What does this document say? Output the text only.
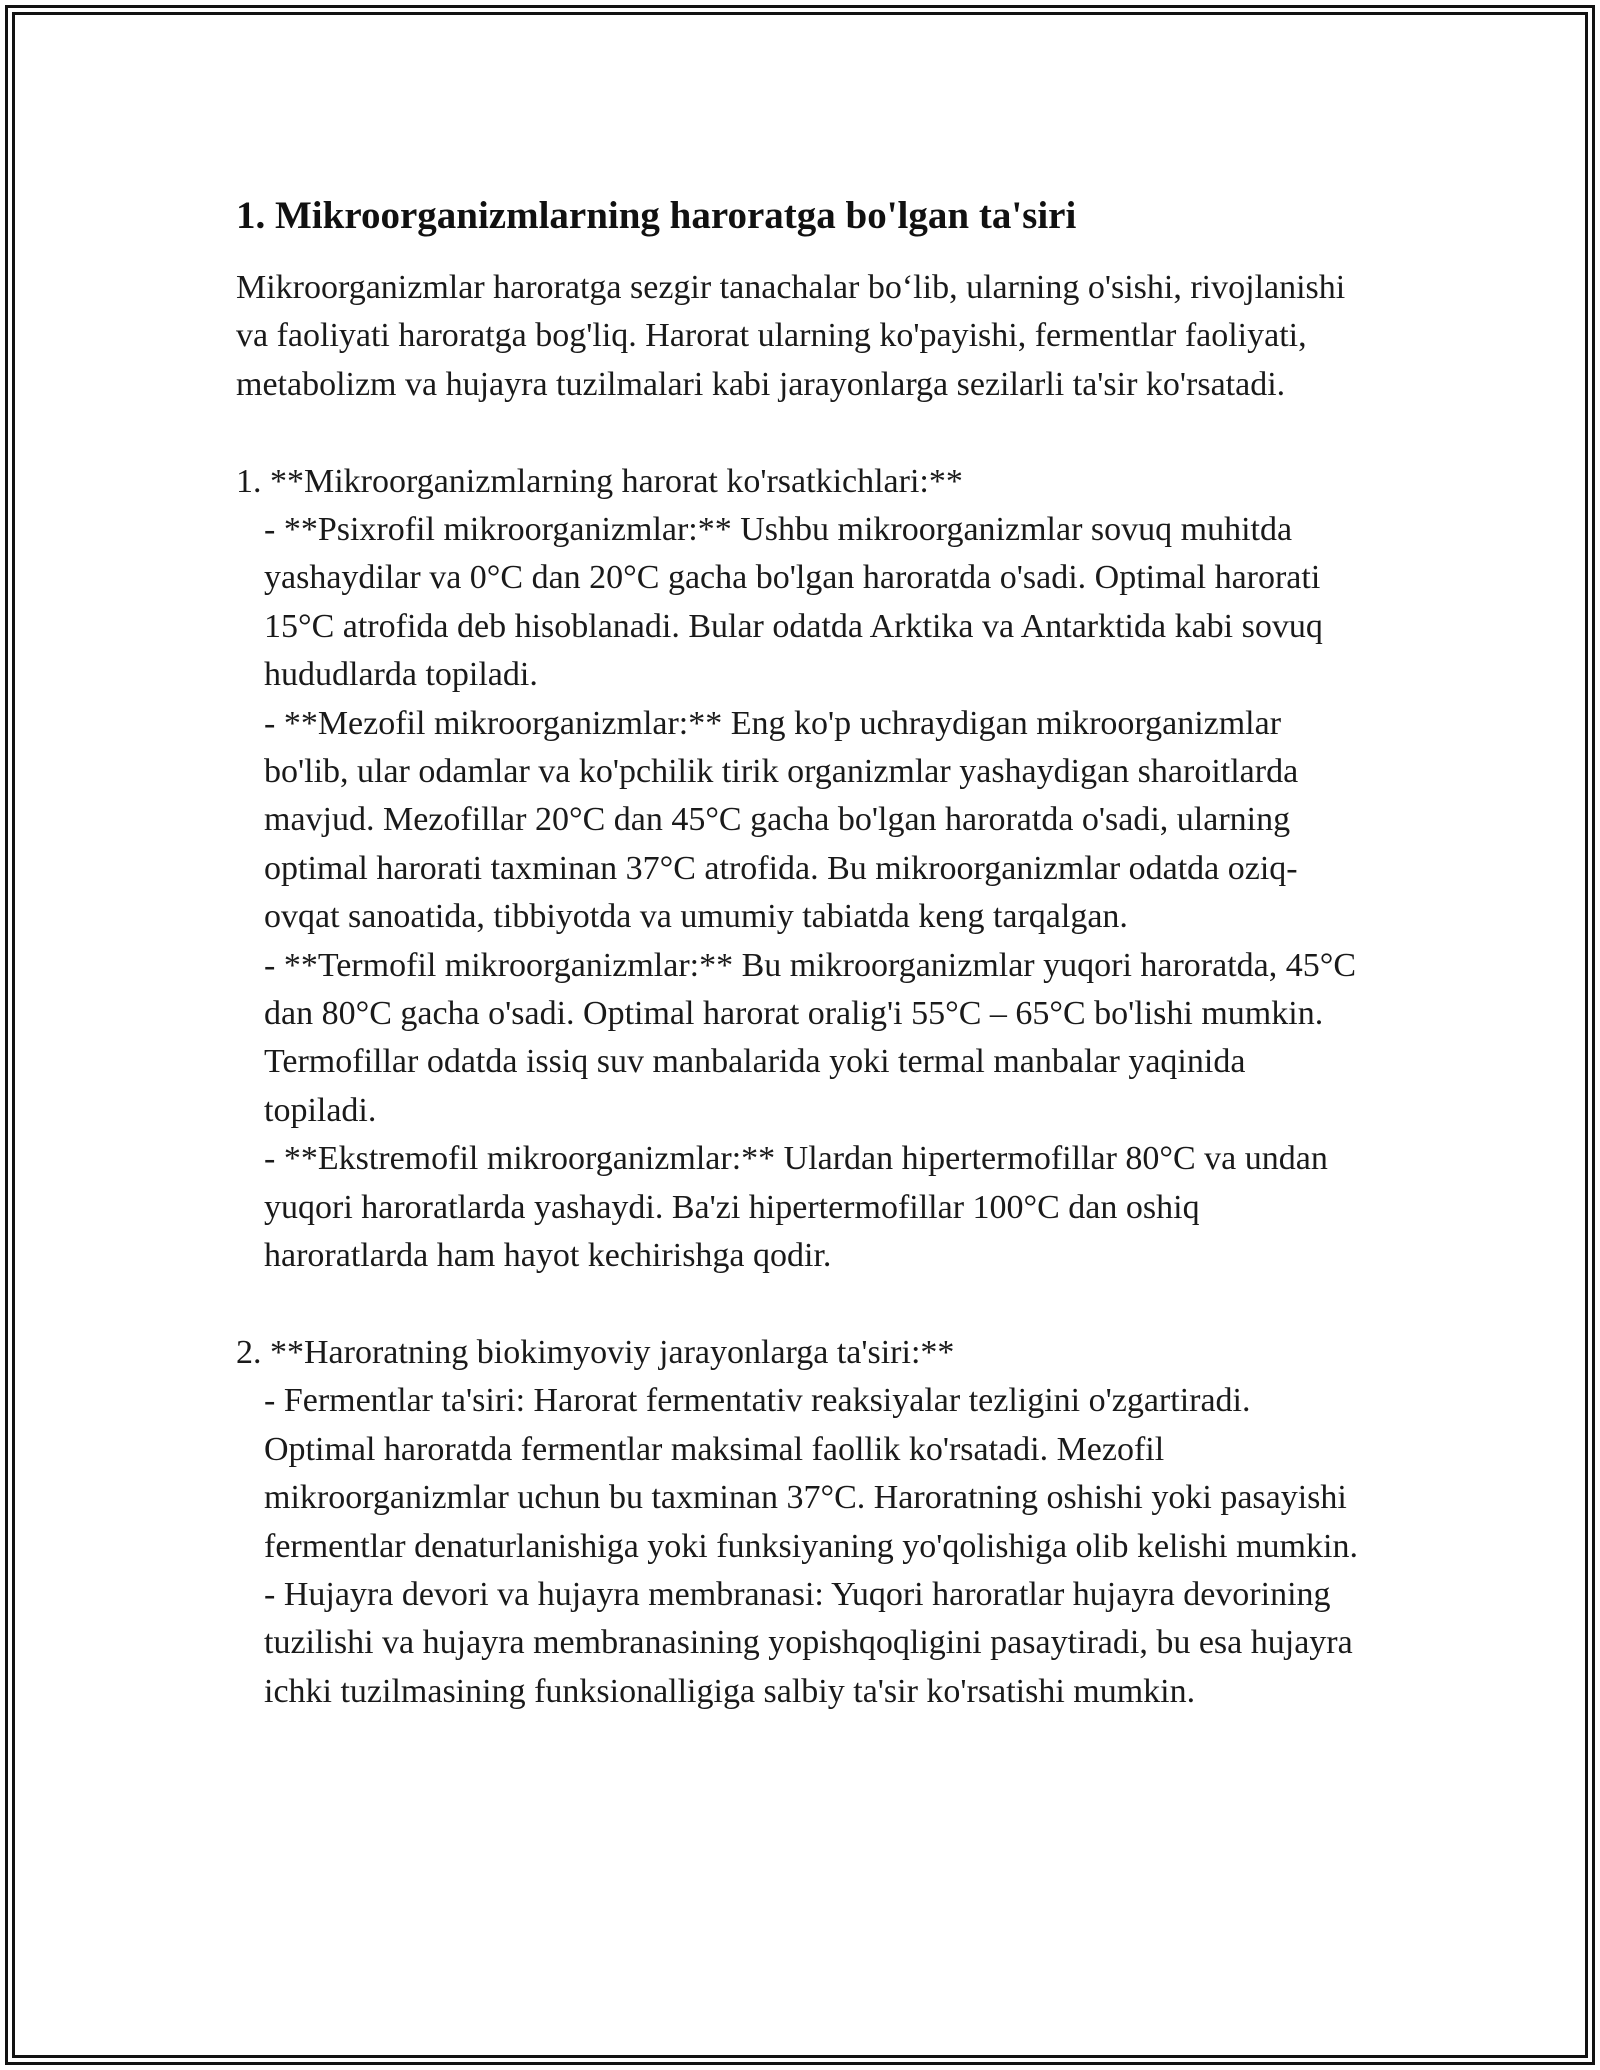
1. Mikroorganizmlarning haroratga bo'lgan ta'siri

Mikroorganizmlar haroratga sezgir tanachalar bo‘lib, ularning o'sishi, rivojlanishi va faoliyati haroratga bog'liq. Harorat ularning ko'payishi, fermentlar faoliyati, metabolizm va hujayra tuzilmalari kabi jarayonlarga sezilarli ta'sir ko'rsatadi.

1. **Mikroorganizmlarning harorat ko'rsatkichlari:**

- **Psixrofil mikroorganizmlar:** Ushbu mikroorganizmlar sovuq muhitda yashaydilar va 0°C dan 20°C gacha bo'lgan haroratda o'sadi. Optimal harorati 15°C atrofida deb hisoblanadi. Bular odatda Arktika va Antarktida kabi sovuq hududlarda topiladi.

- **Mezofil mikroorganizmlar:** Eng ko'p uchraydigan mikroorganizmlar bo'lib, ular odamlar va ko'pchilik tirik organizmlar yashaydigan sharoitlarda mavjud. Mezofillar 20°C dan 45°C gacha bo'lgan haroratda o'sadi, ularning optimal harorati taxminan 37°C atrofida. Bu mikroorganizmlar odatda oziq-ovqat sanoatida, tibbiyotda va umumiy tabiatda keng tarqalgan.

- **Termofil mikroorganizmlar:** Bu mikroorganizmlar yuqori haroratda, 45°C dan 80°C gacha o'sadi. Optimal harorat oralig'i 55°C – 65°C bo'lishi mumkin. Termofillar odatda issiq suv manbalarida yoki termal manbalar yaqinida topiladi.

- **Ekstremofil mikroorganizmlar:** Ulardan hipertermofillar 80°C va undan yuqori haroratlarda yashaydi. Ba'zi hipertermofillar 100°C dan oshiq haroratlarda ham hayot kechirishga qodir.

2. **Haroratning biokimyoviy jarayonlarga ta'siri:**

- Fermentlar ta'siri: Harorat fermentativ reaksiyalar tezligini o'zgartiradi. Optimal haroratda fermentlar maksimal faollik ko'rsatadi. Mezofil mikroorganizmlar uchun bu taxminan 37°C. Haroratning oshishi yoki pasayishi fermentlar denaturlanishiga yoki funksiyaning yo'qolishiga olib kelishi mumkin.

- Hujayra devori va hujayra membranasi: Yuqori haroratlar hujayra devorining tuzilishi va hujayra membranasining yopishqoqligini pasaytiradi, bu esa hujayra ichki tuzilmasining funksionalligiga salbiy ta'sir ko'rsatishi mumkin.
